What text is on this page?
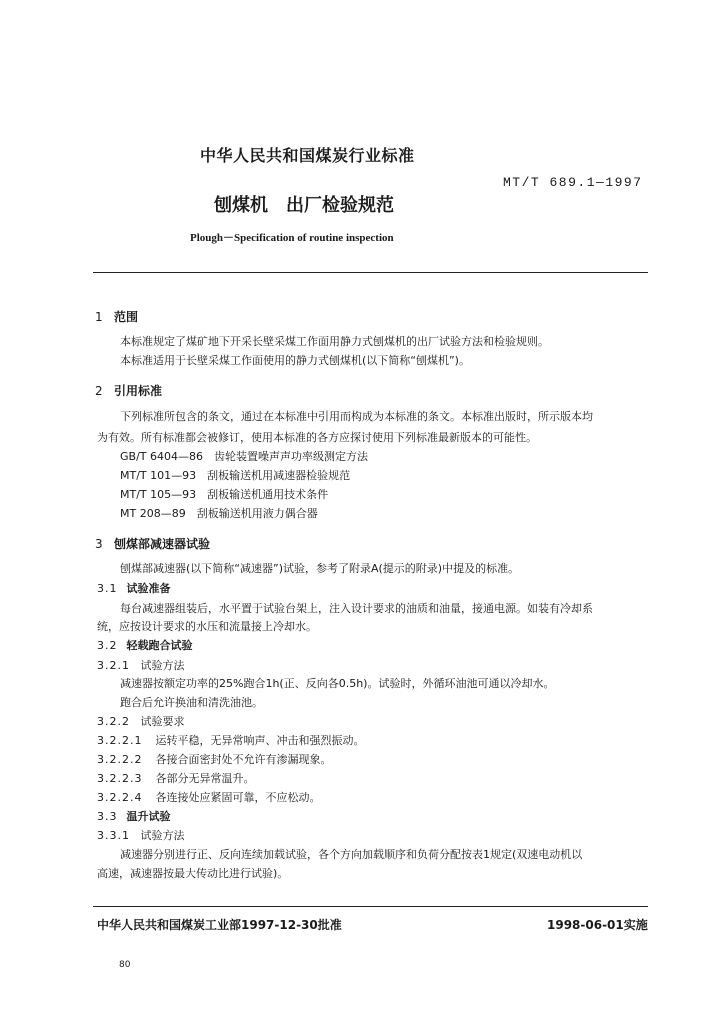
中华人民共和国煤炭行业标准
MT/T 689.1—1997
刨煤机 出厂检验规范
Plough－Specification of routine inspection
1 范围
本标准规定了煤矿地下开采长壁采煤工作面用静力式刨煤机的出厂试验方法和检验规则。
本标准适用于长壁采煤工作面使用的静力式刨煤机(以下简称“刨煤机”)。
2 引用标准
下列标准所包含的条文，通过在本标准中引用而构成为本标准的条文。本标准出版时，所示版本均
为有效。所有标准都会被修订，使用本标准的各方应探讨使用下列标准最新版本的可能性。
GB/T 6404—86　齿轮装置噪声声功率级测定方法
MT/T 101—93　刮板输送机用减速器检验规范
MT/T 105—93　刮板输送机通用技术条件
MT 208—89　刮板输送机用液力偶合器
3 刨煤部减速器试验
刨煤部减速器(以下简称“减速器”)试验，参考了附录A(提示的附录)中提及的标准。
3.1 试验准备
每台减速器组装后，水平置于试验台架上，注入设计要求的油质和油量，接通电源。如装有冷却系
统，应按设计要求的水压和流量接上冷却水。
3.2 轻载跑合试验
3.2.1 试验方法
减速器按额定功率的25%跑合1h(正、反向各0.5h)。试验时，外循环油池可通以冷却水。
跑合后允许换油和清洗油池。
3.2.2 试验要求
3.2.2.1 运转平稳，无异常响声、冲击和强烈振动。
3.2.2.2 各接合面密封处不允许有渗漏现象。
3.2.2.3 各部分无异常温升。
3.2.2.4 各连接处应紧固可靠，不应松动。
3.3 温升试验
3.3.1 试验方法
减速器分别进行正、反向连续加载试验，各个方向加载顺序和负荷分配按表1规定(双速电动机以
高速，减速器按最大传动比进行试验)。
中华人民共和国煤炭工业部1997-12-30批准	1998-06-01实施
80
